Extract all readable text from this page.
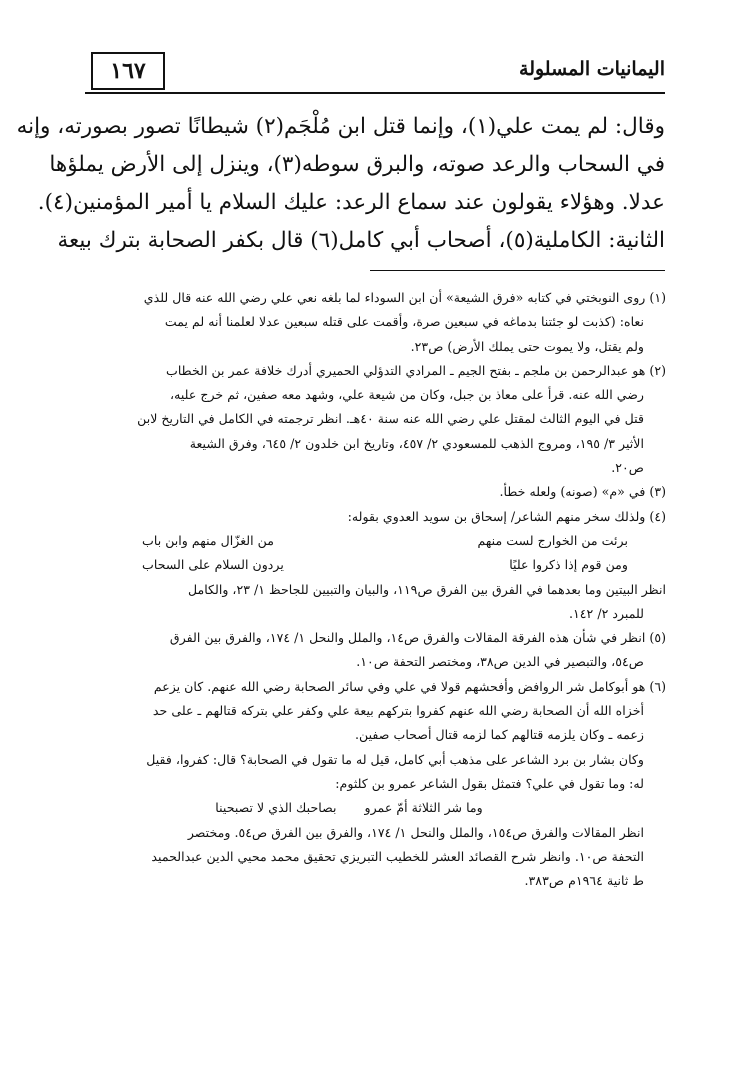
١٦٧	اليمانيات المسلولة

وقال: لم يمت علي(١)، وإنما قتل ابن مُلْجَم(٢) شيطانًا تصور بصورته، وإنه

في السحاب والرعد صوته، والبرق سوطه(٣)، وينزل إلى الأرض يملؤها

عدلا. وهؤلاء يقولون عند سماع الرعد: عليك السلام يا أمير المؤمنين(٤).

الثانية: الكاملية(٥)، أصحاب أبي كامل(٦) قال بكفر الصحابة بترك بيعة

(١) روى النوبختي في كتابه «فرق الشيعة» أن ابن السوداء لما بلغه نعي علي رضي الله عنه قال للذي
نعاه: (كذبت لو جئتنا بدماغه في سبعين صرة، وأقمت على قتله سبعين عدلا لعلمنا أنه لم يمت
ولم يقتل، ولا يموت حتى يملك الأرض) ص٢٣.
(٢) هو عبدالرحمن بن ملجم ـ بفتح الجيم ـ المرادي التدؤلي الحميري أدرك خلافة عمر بن الخطاب
رضي الله عنه. قرأ على معاذ بن جبل، وكان من شيعة علي، وشهد معه صفين، ثم خرج عليه،
قتل في اليوم الثالث لمقتل علي رضي الله عنه سنة ٤٠هـ. انظر ترجمته في الكامل في التاريخ لابن
الأثير ٣/ ١٩٥، ومروج الذهب للمسعودي ٢/ ٤٥٧، وتاريخ ابن خلدون ٢/ ٦٤٥، وفرق الشيعة
ص٢٠.
(٣) في «م» (صونه) ولعله خطأ.
(٤) ولذلك سخر منهم الشاعر/ إسحاق بن سويد العدوي بقوله:
برئت من الخوارج لست منهم
من الغزّال منهم وابن باب
ومن قوم إذا ذكروا عليًا
يردون السلام على السحاب
انظر البيتين وما بعدهما في الفرق بين الفرق ص١١٩، والبيان والتبيين للجاحظ ١/ ٢٣، والكامل
للمبرد ٢/ ١٤٢.
(٥) انظر في شأن هذه الفرقة المقالات والفرق ص١٤، والملل والنحل ١/ ١٧٤، والفرق بين الفرق
ص٥٤، والتبصير في الدين ص٣٨، ومختصر التحفة ص١٠.
(٦) هو أبوكامل شر الروافض وأفحشهم قولا في علي وفي سائر الصحابة رضي الله عنهم. كان يزعم
أخزاه الله أن الصحابة رضي الله عنهم كفروا بتركهم بيعة علي وكفر علي بتركه قتالهم ـ على حد
زعمه ـ وكان يلزمه قتالهم كما لزمه قتال أصحاب صفين.
وكان بشار بن برد الشاعر على مذهب أبي كامل، قيل له ما تقول في الصحابة؟ قال: كفروا، فقيل
له: وما تقول في علي؟ فتمثل بقول الشاعر عمرو بن كلثوم:
وما شر الثلاثة أمّ عمرو
بصاحبك الذي لا تصبحينا
انظر المقالات والفرق ص١٥٤، والملل والنحل ١/ ١٧٤، والفرق بين الفرق ص٥٤. ومختصر
التحفة ص١٠. وانظر شرح القصائد العشر للخطيب التبريزي تحقيق محمد محيي الدين عبدالحميد
ط ثانية ١٩٦٤م ص٣٨٣.
